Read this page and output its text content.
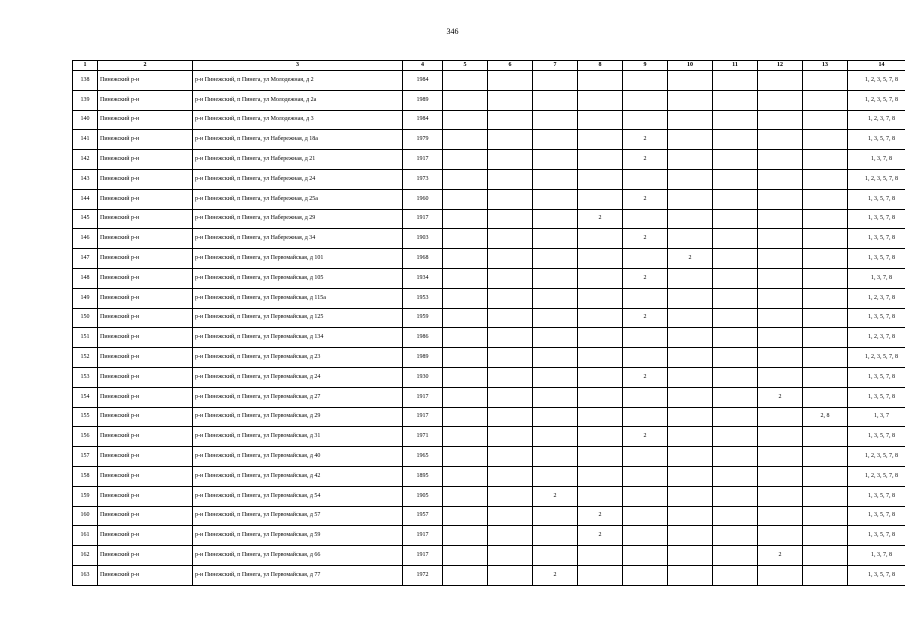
346
1	2	3	4	5	6	7	8	9	10	11	12	13	14
138	Пинежский р-н	р-н Пинежский, п Пинега, ул Молодежная, д 2	1984										1, 2, 3, 5, 7, 8
139	Пинежский р-н	р-н Пинежский, п Пинега, ул Молодежная, д 2а	1989										1, 2, 3, 5, 7, 8
140	Пинежский р-н	р-н Пинежский, п Пинега, ул Молодежная, д 3	1984										1, 2, 3, 7, 8
141	Пинежский р-н	р-н Пинежский, п Пинега, ул Набережная, д 18а	1979					2					1, 3, 5, 7, 8
142	Пинежский р-н	р-н Пинежский, п Пинега, ул Набережная, д 21	1917					2					1, 3, 7, 8
143	Пинежский р-н	р-н Пинежский, п Пинега, ул Набережная, д 24	1973										1, 2, 3, 5, 7, 8
144	Пинежский р-н	р-н Пинежский, п Пинега, ул Набережная, д 25а	1960					2					1, 3, 5, 7, 8
145	Пинежский р-н	р-н Пинежский, п Пинега, ул Набережная, д 29	1917				2						1, 3, 5, 7, 8
146	Пинежский р-н	р-н Пинежский, п Пинега, ул Набережная, д 34	1903					2					1, 3, 5, 7, 8
147	Пинежский р-н	р-н Пинежский, п Пинега, ул Первомайская, д 101	1968						2				1, 3, 5, 7, 8
148	Пинежский р-н	р-н Пинежский, п Пинега, ул Первомайская, д 105	1934					2					1, 3, 7, 8
149	Пинежский р-н	р-н Пинежский, п Пинега, ул Первомайская, д 115а	1953										1, 2, 3, 7, 8
150	Пинежский р-н	р-н Пинежский, п Пинега, ул Первомайская, д 125	1959					2					1, 3, 5, 7, 8
151	Пинежский р-н	р-н Пинежский, п Пинега, ул Первомайская, д 134	1986										1, 2, 3, 7, 8
152	Пинежский р-н	р-н Пинежский, п Пинега, ул Первомайская, д 23	1989										1, 2, 3, 5, 7, 8
153	Пинежский р-н	р-н Пинежский, п Пинега, ул Первомайская, д 24	1930					2					1, 3, 5, 7, 8
154	Пинежский р-н	р-н Пинежский, п Пинега, ул Первомайская, д 27	1917								2		1, 3, 5, 7, 8
155	Пинежский р-н	р-н Пинежский, п Пинега, ул Первомайская, д 29	1917									2, 8	1, 3, 7
156	Пинежский р-н	р-н Пинежский, п Пинега, ул Первомайская, д 31	1971					2					1, 3, 5, 7, 8
157	Пинежский р-н	р-н Пинежский, п Пинега, ул Первомайская, д 40	1965										1, 2, 3, 5, 7, 8
158	Пинежский р-н	р-н Пинежский, п Пинега, ул Первомайская, д 42	1895										1, 2, 3, 5, 7, 8
159	Пинежский р-н	р-н Пинежский, п Пинега, ул Первомайская, д 54	1905			2							1, 3, 5, 7, 8
160	Пинежский р-н	р-н Пинежский, п Пинега, ул Первомайская, д 57	1957				2						1, 3, 5, 7, 8
161	Пинежский р-н	р-н Пинежский, п Пинега, ул Первомайская, д 59	1917				2						1, 3, 5, 7, 8
162	Пинежский р-н	р-н Пинежский, п Пинега, ул Первомайская, д 66	1917								2		1, 3, 7, 8
163	Пинежский р-н	р-н Пинежский, п Пинега, ул Первомайская, д 77	1972			2							1, 3, 5, 7, 8
